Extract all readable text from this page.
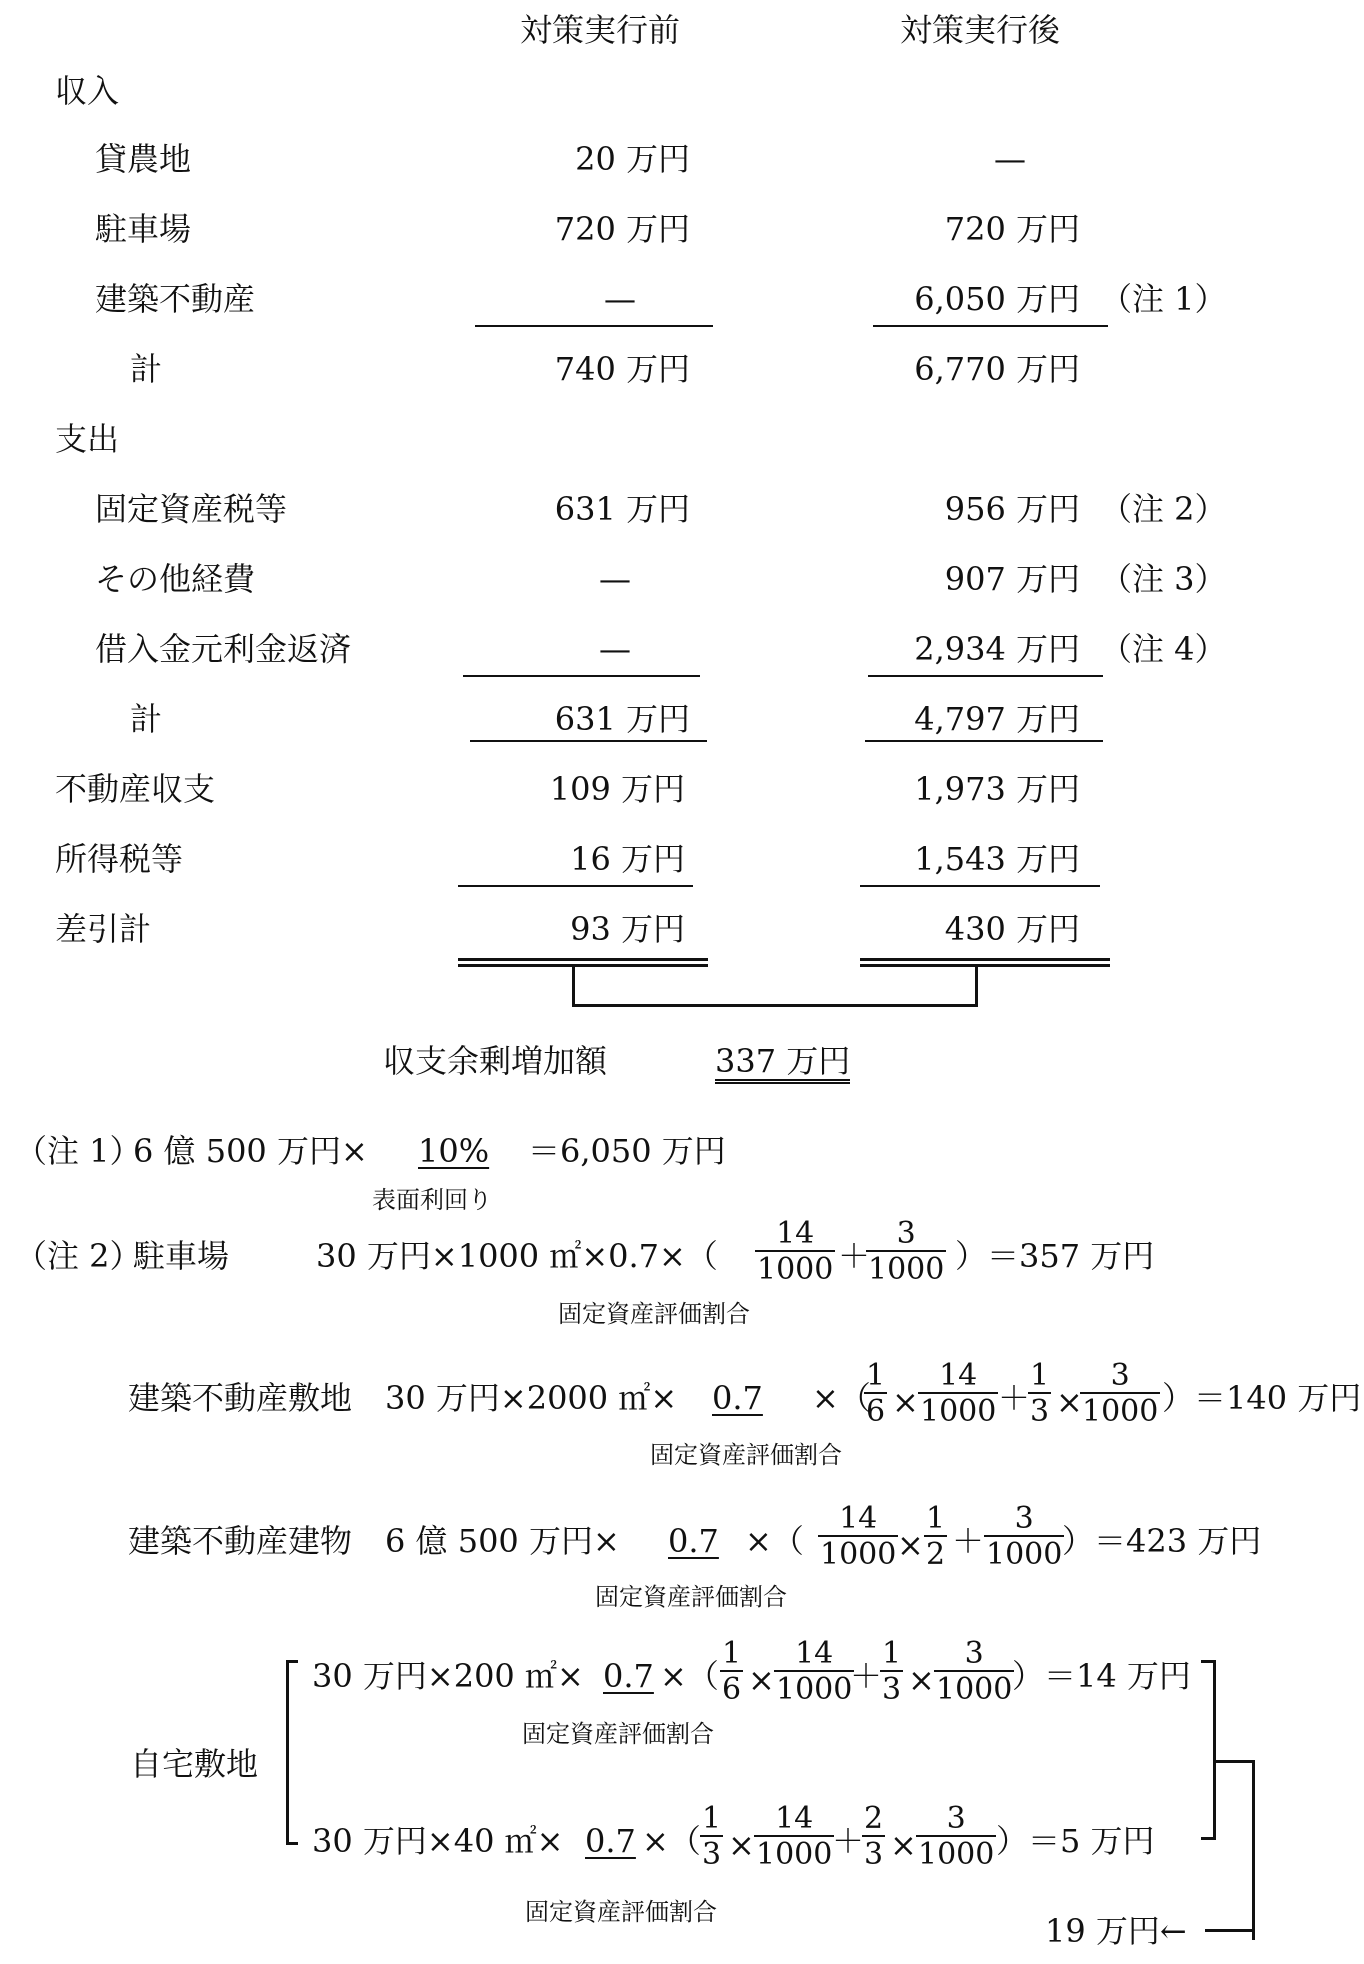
対策実行前	対策実行後
収入
貸農地	20 万円	—
駐車場	720 万円	720 万円
建築不動産	—	6,050 万円 （注 1）
計	740 万円	6,770 万円
支出
固定資産税等	631 万円	956 万円 （注 2）
その他経費	—	907 万円 （注 3）
借入金元利金返済	—	2,934 万円 （注 4）
計	631 万円	4,797 万円
不動産収支	109 万円	1,973 万円
所得税等	16 万円	1,543 万円
差引計	93 万円	430 万円
収支余剰増加額	337 万円
（注 1）
6 億 500 万円× 10% ＝6,050 万円
表面利回り
（注 2）
駐車場	30 万円×1000 ㎡×0.7×（ $\frac{14}{1000}$ ＋
$\frac{3}{1000} )=357$ 万円
固定資産評価割合
建築不動産敷地 30 万円×2000 ㎡× 0.7 ×（
$\frac{1}{6} \times \frac{14}{1000}$ ＋
$\frac{1}{3}$ ×
$\frac{3}{1000} )=140$ 万円
固定資産評価割合
建築不動産建物 6 億 500 万円× 0.7 ×（ $\frac{14}{1000}$
× $\frac{1}{2} + \frac{3}{1000}$
）＝423 万円
固定資産評価割合
自宅敷地
30 万円×200 ㎡× 0.7 ×（ $\frac{1}{6} \times \frac{14}{1000}$
＋
$\frac{1}{3} \times \frac{3}{1000}$
）＝14 万円
固定資産評価割合
30 万円×40 ㎡× 0.7 ×（ $\frac{1}{3} \times \frac{14}{1000}$
＋
$\frac{2}{3} \times \frac{3}{1000} )=5$ 万円
固定資産評価割合	19 万円←
